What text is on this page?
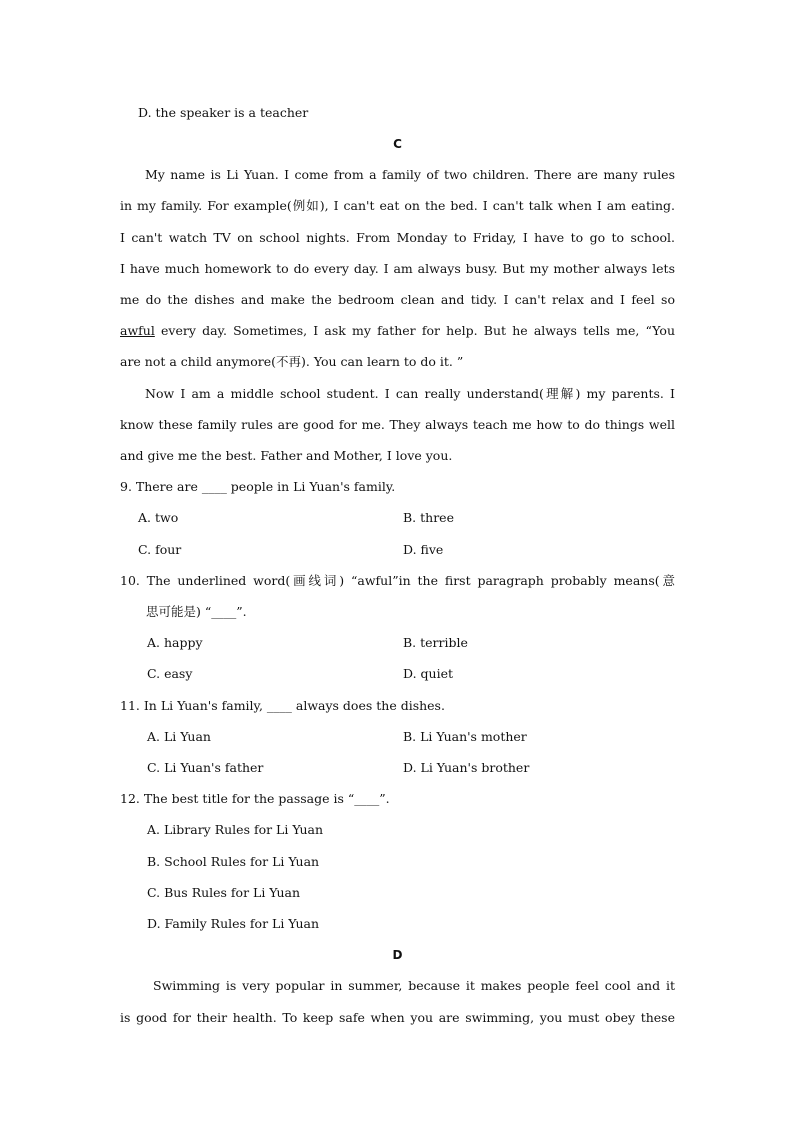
D. the speaker is a teacher
C
My name is Li Yuan. I come from a family of two children. There are many rules
in my family. For example(例如), I can't eat on the bed. I can't talk when I am eating.
I can't watch TV on school nights. From Monday to Friday, I have to go to school.
I have much homework to do every day. I am always busy. But my mother always lets
me do the dishes and make the bedroom clean and tidy. I can't relax and I feel so
awful every day. Sometimes, I ask my father for help. But he always tells me, “You
are not a child anymore(不再). You can learn to do it. ”
Now I am a middle school student. I can really understand(理解) my parents. I
know these family rules are good for me. They always teach me how to do things well
and give me the best. Father and Mother, I love you.
9. There are ____ people in Li Yuan's family.
A. two	B. three
C. four	D. five
10. The underlined word(画线词) “awful”in the first paragraph probably means(意
思可能是) “____”.
A. happy	B. terrible
C. easy	D. quiet
11. In Li Yuan's family, ____ always does the dishes.
A. Li Yuan	B. Li Yuan's mother
C. Li Yuan's father	D. Li Yuan's brother
12. The best title for the passage is “____”.
A. Library Rules for Li Yuan
B. School Rules for Li Yuan
C. Bus Rules for Li Yuan
D. Family Rules for Li Yuan
D
Swimming is very popular in summer, because it makes people feel cool and it
is good for their health. To keep safe when you are swimming, you must obey these
